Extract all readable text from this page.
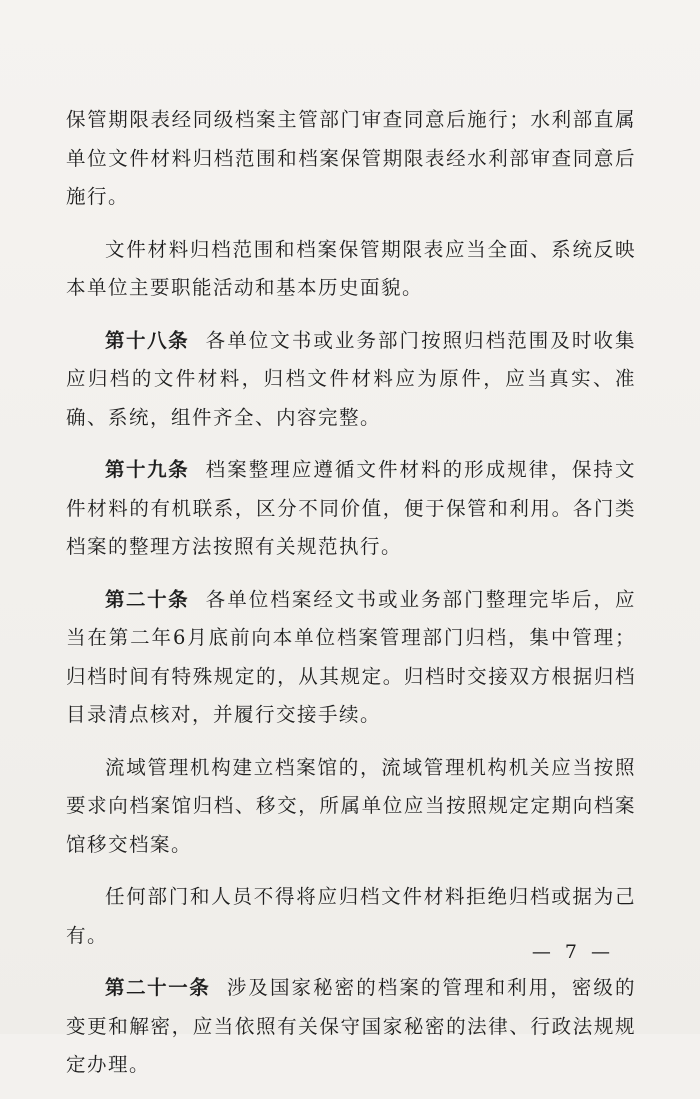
保管期限表经同级档案主管部门审查同意后施行；水利部直属单位文件材料归档范围和档案保管期限表经水利部审查同意后施行。

文件材料归档范围和档案保管期限表应当全面、系统反映本单位主要职能活动和基本历史面貌。

第十八条 各单位文书或业务部门按照归档范围及时收集应归档的文件材料，归档文件材料应为原件，应当真实、准确、系统，组件齐全、内容完整。

第十九条 档案整理应遵循文件材料的形成规律，保持文件材料的有机联系，区分不同价值，便于保管和利用。各门类档案的整理方法按照有关规范执行。

第二十条 各单位档案经文书或业务部门整理完毕后，应当在第二年6月底前向本单位档案管理部门归档，集中管理；归档时间有特殊规定的，从其规定。归档时交接双方根据归档目录清点核对，并履行交接手续。

流域管理机构建立档案馆的，流域管理机构机关应当按照要求向档案馆归档、移交，所属单位应当按照规定定期向档案馆移交档案。

任何部门和人员不得将应归档文件材料拒绝归档或据为己有。

第二十一条 涉及国家秘密的档案的管理和利用，密级的变更和解密，应当依照有关保守国家秘密的法律、行政法规规定办理。

— 7 —
